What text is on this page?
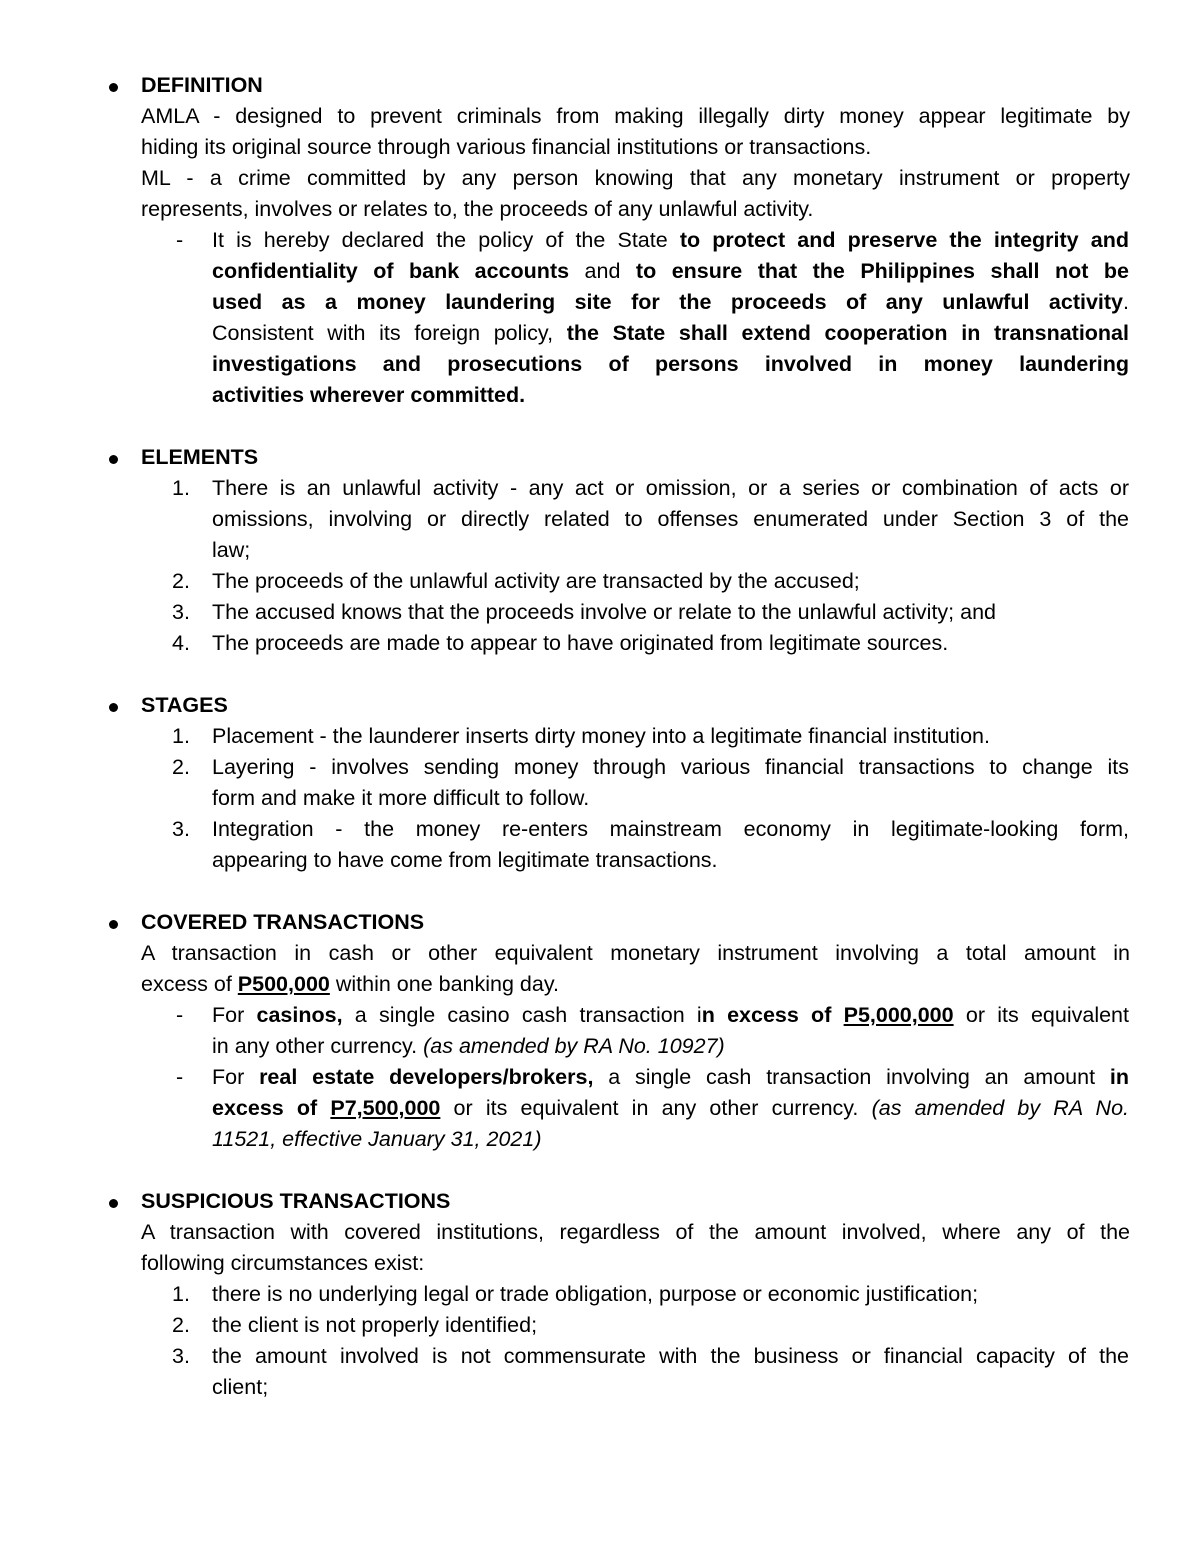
DEFINITION
AMLA - designed to prevent criminals from making illegally dirty money appear legitimate by
hiding its original source through various financial institutions or transactions.
ML - a crime committed by any person knowing that any monetary instrument or property
represents, involves or relates to, the proceeds of any unlawful activity.
- It is hereby declared the policy of the State to protect and preserve the integrity and
confidentiality of bank accounts and to ensure that the Philippines shall not be
used as a money laundering site for the proceeds of any unlawful activity.
Consistent with its foreign policy, the State shall extend cooperation in transnational
investigations and prosecutions of persons involved in money laundering
activities wherever committed.
ELEMENTS
1. There is an unlawful activity - any act or omission, or a series or combination of acts or
omissions, involving or directly related to offenses enumerated under Section 3 of the
law;
2. The proceeds of the unlawful activity are transacted by the accused;
3. The accused knows that the proceeds involve or relate to the unlawful activity; and
4. The proceeds are made to appear to have originated from legitimate sources.
STAGES
1. Placement - the launderer inserts dirty money into a legitimate financial institution.
2. Layering - involves sending money through various financial transactions to change its
form and make it more difficult to follow.
3. Integration - the money re-enters mainstream economy in legitimate-looking form,
appearing to have come from legitimate transactions.
COVERED TRANSACTIONS
A transaction in cash or other equivalent monetary instrument involving a total amount in
excess of P500,000 within one banking day.
- For casinos, a single casino cash transaction in excess of P5,000,000 or its equivalent
in any other currency. (as amended by RA No. 10927)
- For real estate developers/brokers, a single cash transaction involving an amount in
excess of P7,500,000 or its equivalent in any other currency. (as amended by RA No.
11521, effective January 31, 2021)
SUSPICIOUS TRANSACTIONS
A transaction with covered institutions, regardless of the amount involved, where any of the
following circumstances exist:
1. there is no underlying legal or trade obligation, purpose or economic justification;
2. the client is not properly identified;
3. the amount involved is not commensurate with the business or financial capacity of the
client;
